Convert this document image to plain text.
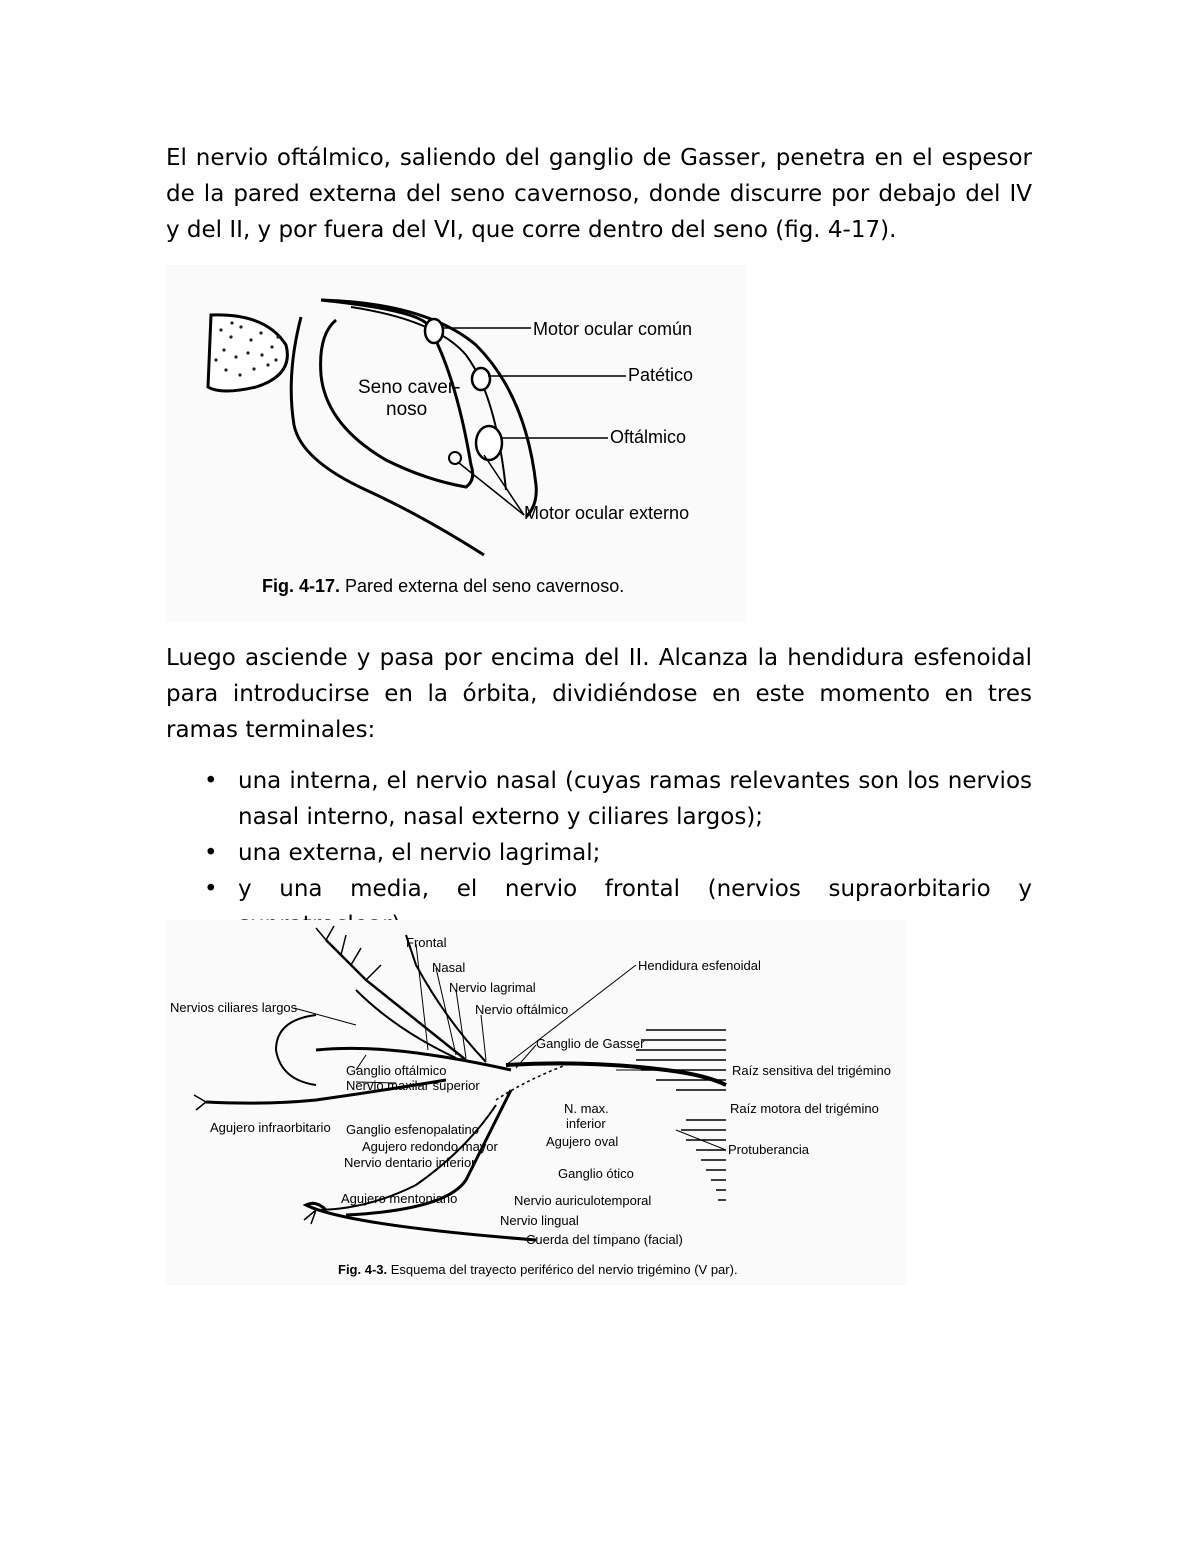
El nervio oftálmico, saliendo del ganglio de Gasser, penetra en el espesor de la pared externa del seno cavernoso, donde discurre por debajo del IV y del II, y por fuera del VI, que corre dentro del seno (fig. 4-17).

Seno caver-
noso
Motor ocular común
Patético
Oftálmico
Motor ocular externo
Fig. 4-17. Pared externa del seno cavernoso.

Luego asciende y pasa por encima del II. Alcanza la hendidura esfenoidal para introducirse en la órbita, dividiéndose en este momento en tres ramas terminales:

• una interna, el nervio nasal (cuyas ramas relevantes son los nervios nasal interno, nasal externo y ciliares largos);
• una externa, el nervio lagrimal;
• y una media, el nervio frontal (nervios supraorbitario y
Frontal
Nasal
Nervio lagrimal
Nervio oftálmico
Hendidura esfenoidal
Nervios ciliares largos
Ganglio de Gasser
Raíz sensitiva del trigémino
Ganglio oftálmico
Nervio maxilar superior
Raíz motora del trigémino
N. max.
inferior
Agujero infraorbitario Ganglio esfenopalatino
Agujero oval
Protuberancia
Agujero redondo mayor
Nervio dentario inferior
Ganglio ótico
Agujero mentoniano	Nervio auriculotemporal
Nervio lingual
Cuerda del tímpano (facial)
Fig. 4-3. Esquema del trayecto periférico del nervio trigémino (V par).
